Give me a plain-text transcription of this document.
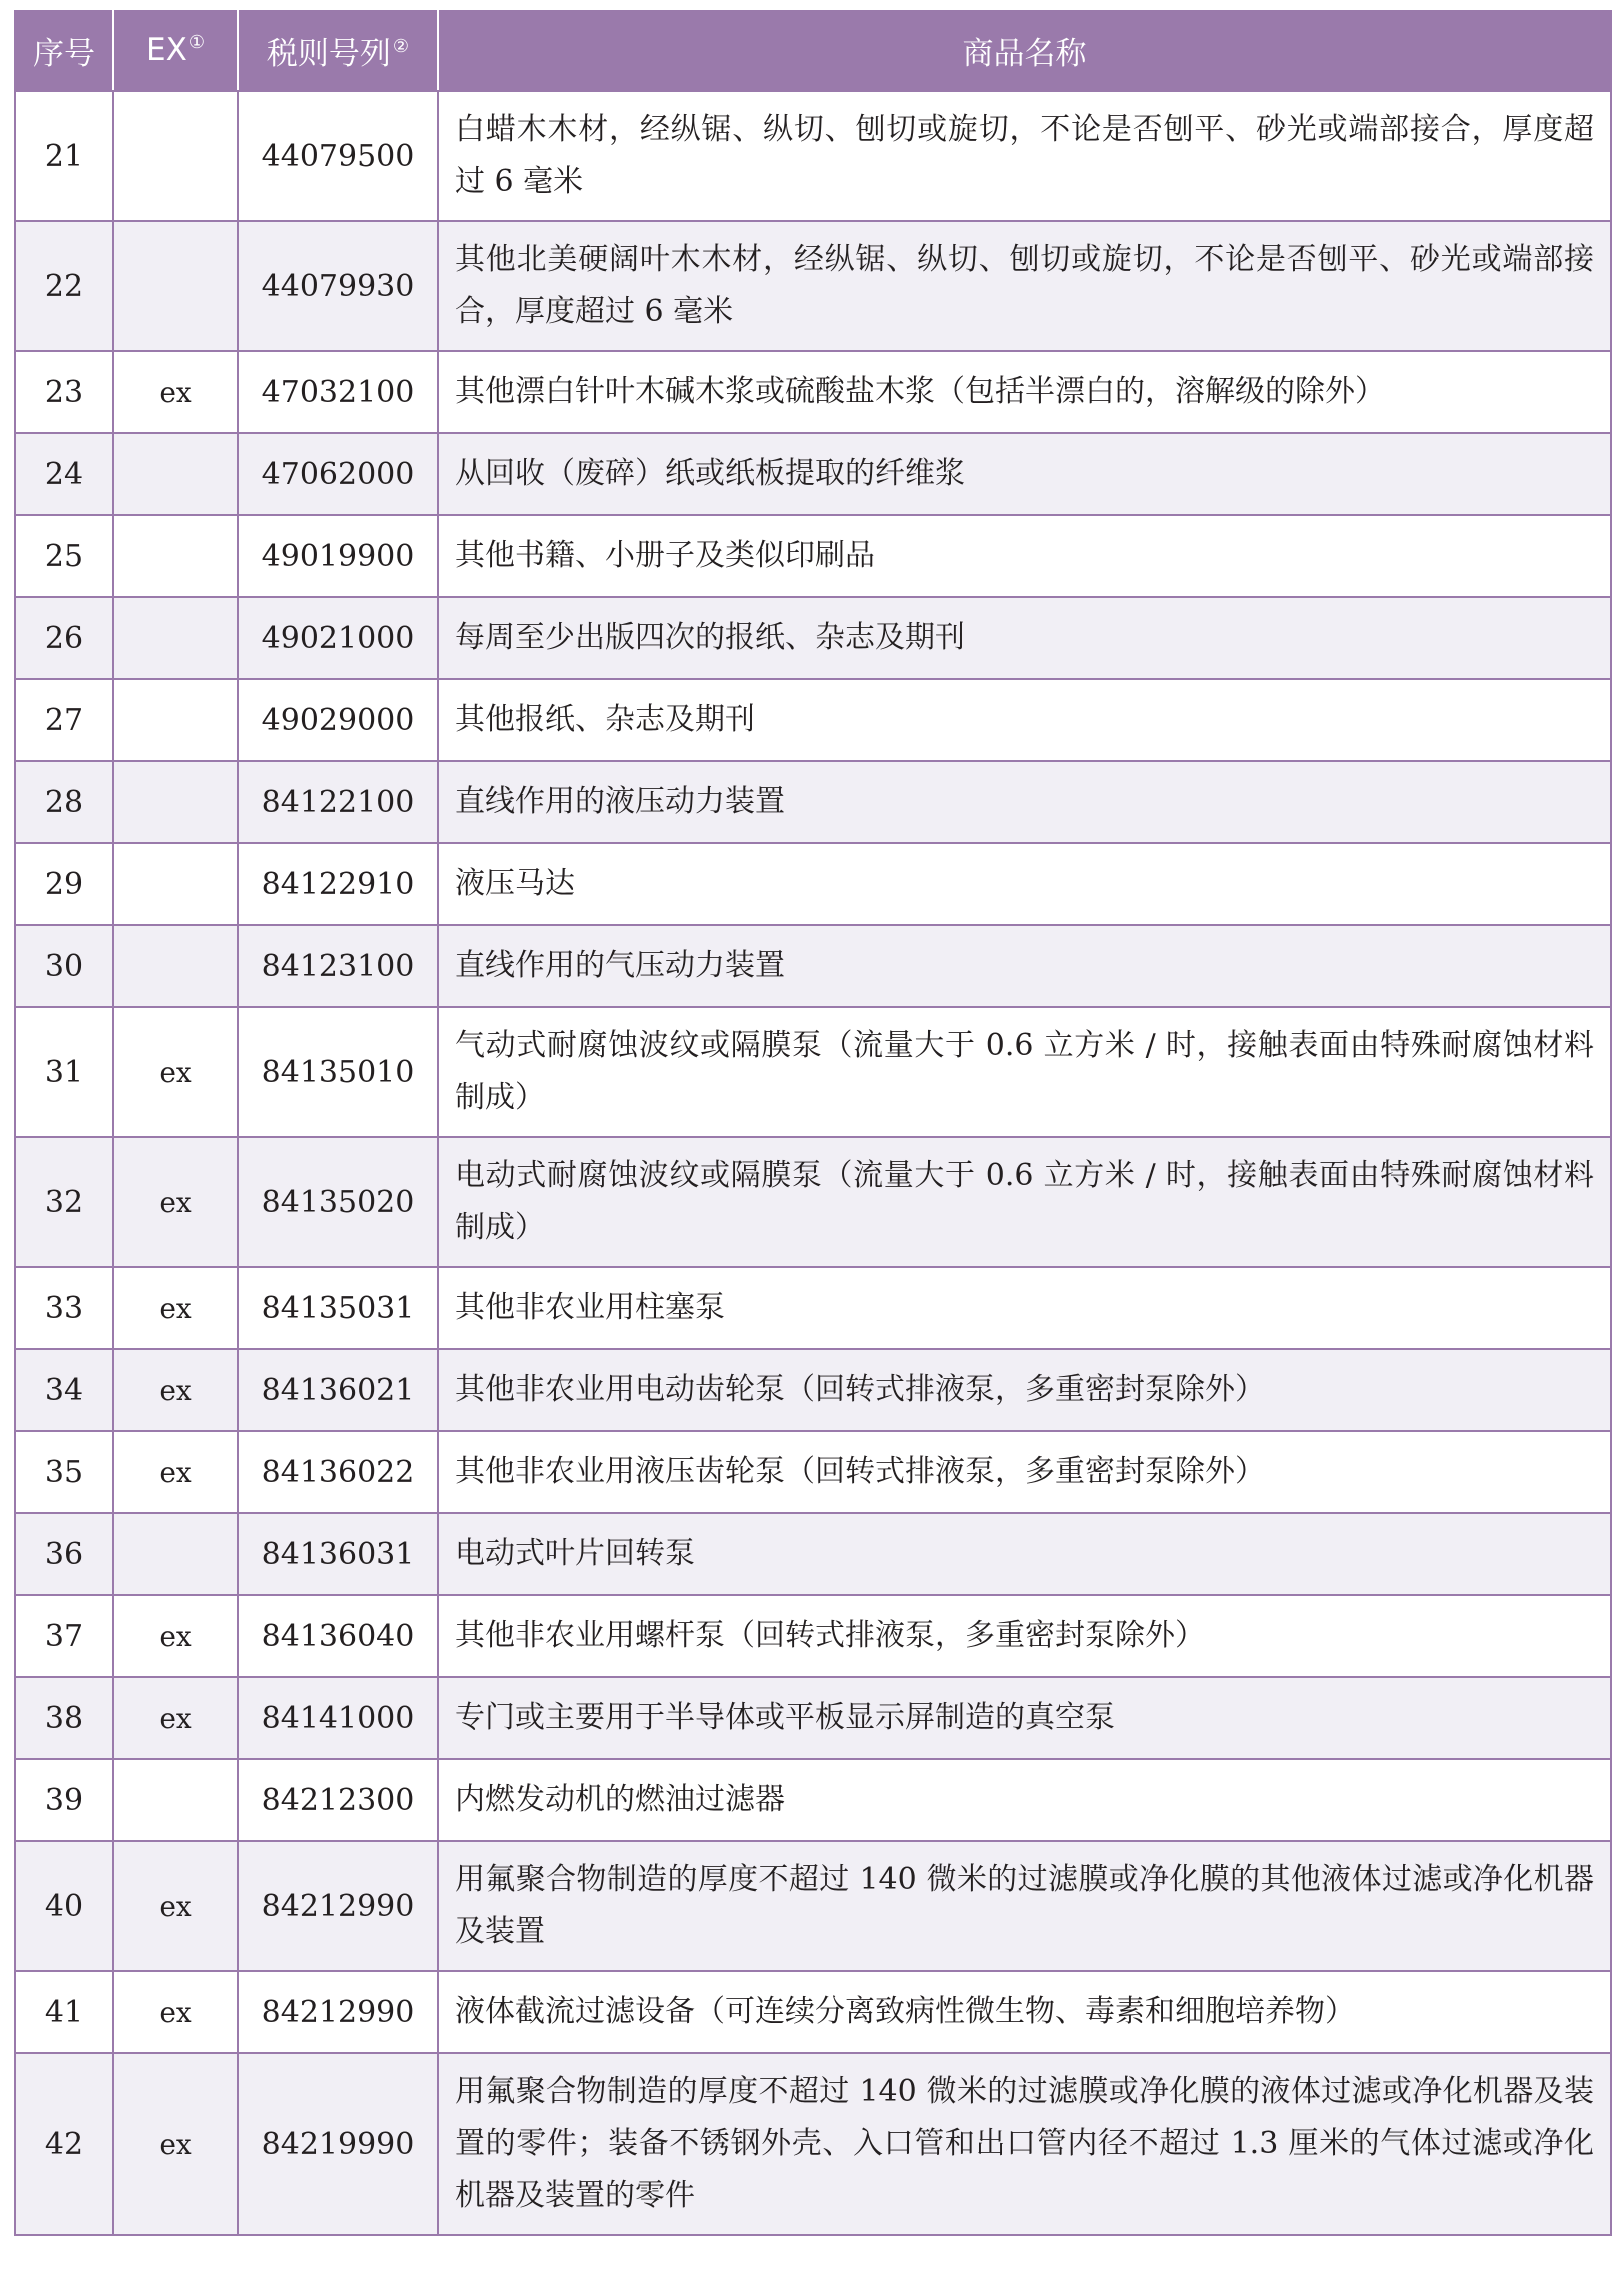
序号	EX ①	税则号列 ②	商品名称
21		44079500	白蜡木木材，经纵锯、纵切、刨切或旋切，不论是否刨平、砂光或端部接合，厚度超过 6 毫米
22		44079930	其他北美硬阔叶木木材，经纵锯、纵切、刨切或旋切，不论是否刨平、砂光或端部接合，厚度超过 6 毫米
23	ex	47032100	其他漂白针叶木碱木浆或硫酸盐木浆（包括半漂白的，溶解级的除外）
24		47062000	从回收（废碎）纸或纸板提取的纤维浆
25		49019900	其他书籍、小册子及类似印刷品
26		49021000	每周至少出版四次的报纸、杂志及期刊
27		49029000	其他报纸、杂志及期刊
28		84122100	直线作用的液压动力装置
29		84122910	液压马达
30		84123100	直线作用的气压动力装置
31	ex	84135010	气动式耐腐蚀波纹或隔膜泵（流量大于 0.6 立方米 / 时，接触表面由特殊耐腐蚀材料制成）
32	ex	84135020	电动式耐腐蚀波纹或隔膜泵（流量大于 0.6 立方米 / 时，接触表面由特殊耐腐蚀材料制成）
33	ex	84135031	其他非农业用柱塞泵
34	ex	84136021	其他非农业用电动齿轮泵（回转式排液泵，多重密封泵除外）
35	ex	84136022	其他非农业用液压齿轮泵（回转式排液泵，多重密封泵除外）
36		84136031	电动式叶片回转泵
37	ex	84136040	其他非农业用螺杆泵（回转式排液泵，多重密封泵除外）
38	ex	84141000	专门或主要用于半导体或平板显示屏制造的真空泵
39		84212300	内燃发动机的燃油过滤器
40	ex	84212990	用氟聚合物制造的厚度不超过 140 微米的过滤膜或净化膜的其他液体过滤或净化机器及装置
41	ex	84212990	液体截流过滤设备（可连续分离致病性微生物、毒素和细胞培养物）
42	ex	84219990	用氟聚合物制造的厚度不超过 140 微米的过滤膜或净化膜的液体过滤或净化机器及装置的零件；装备不锈钢外壳、入口管和出口管内径不超过 1.3 厘米的气体过滤或净化机器及装置的零件
